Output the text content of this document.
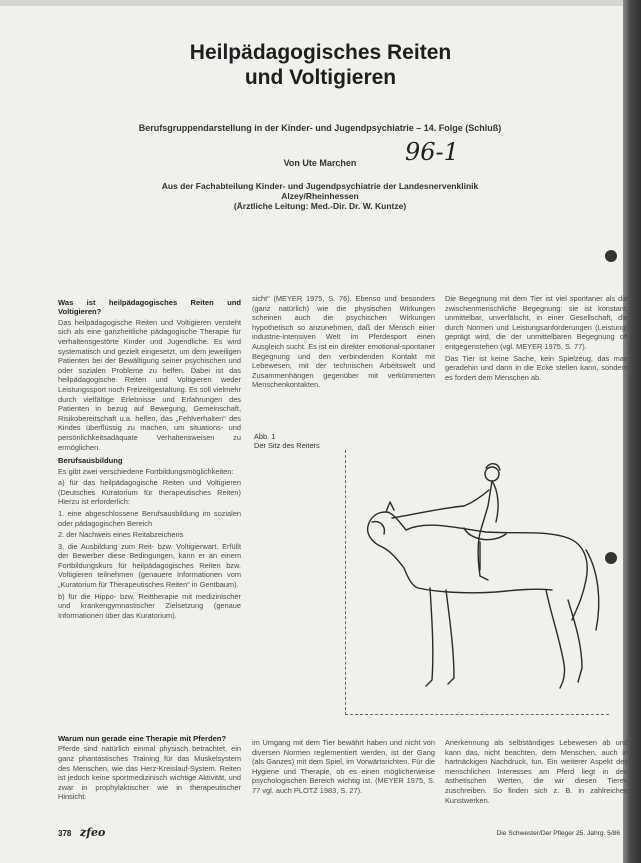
Heilpädagogisches Reiten
und Voltigieren
Berufsgruppendarstellung in der Kinder- und Jugendpsychiatrie – 14. Folge (Schluß)
Von Ute Marchen	96-1
Aus der Fachabteilung Kinder- und Jugendpsychiatrie der Landesnervenklinik
Alzey/Rheinhessen
(Ärztliche Leitung: Med.-Dir. Dr. W. Kuntze)
Was ist heilpädagogisches Reiten und Voltigieren?

Das heilpädagogische Reiten und Voltigieren versteht sich als eine ganzheitliche pädagogische Therapie für verhaltensgestörte Kinder und Jugendliche. Es wird systematisch und gezielt eingesetzt, um dem jeweiligen Patienten bei der Bewältigung seiner psychischen und oder sozialen Probleme zu helfen. Dabei ist das heilpädagogische Reiten und Voltigieren weder Leistungssport noch Freizeitgestaltung. Es soll vielmehr durch vielfältige Erlebnisse und Erfahrungen des Patienten in bezug auf Bewegung, Gemeinschaft, Risikobereitschaft u.a. helfen, das „Fehlverhalten“ des Kindes überflüssig zu machen, um situations- und persönlichkeitsadäquate Verhaltensweisen zu ermöglichen.

Berufsausbildung

Es gibt zwei verschiedene Fortbildungsmöglichkeiten:

a) für das heilpädagogische Reiten und Voltigieren (Deutsches Kuratorium für therapeutisches Reiten) Hierzu ist erforderlich:

1. eine abgeschlossene Berufsausbildung im sozialen oder pädagogischen Bereich

2. der Nachweis eines Reitabzeichens

3. die Ausbildung zum Reit- bzw. Voltigierwart. Erfüllt der Bewerber diese Bedingungen, kann er an einem Fortbildungskurs für heilpädagogisches Reiten bzw. Voltigieren teilnehmen (genauere Informationen vom „Kuratorium für Therapeutisches Reiten“ in Gentbaum).

b) für die Hippo- bzw. Reittherapie mit medizinischer und krankengymnastischer Zielsetzung (genaue Informationen über das Kuratorium).

Warum nun gerade eine Therapie mit Pferden?

Pferde sind natürlich einmal physisch betrachtet, ein ganz phantastisches Training für das Muskelsystem des Menschen, wie das Herz-Kreislauf-System. Reiten ist jedoch keine sportmedizinisch wichtige Aktivität, und zwar in prophylaktischer wie in therapeutischer Hinsicht.

sicht“ (MEYER 1975, S. 76). Ebenso und besonders (ganz natürlich) wie die physischen Wirkungen scheinen auch die psychischen Wirkungen hypothetisch so anzunehmen, daß der Mensch einer industrie-intensiven Welt im Pferdesport einen Ausgleich sucht. Es ist ein direkter emotional-spontaner Begegnung und den verbindenden Kontakt mit Lebewesen, mit der technischen Arbeitswelt und Zusammenhängen gegenüber mit verkümmerten Menschenkontakten.

Die Begegnung mit dem Tier ist viel spontaner als die zwischenmenschliche Begegnung: sie ist konstant, unmittelbar, unverfälscht, in einer Gesellschaft, die durch Normen und Leistungsanforderungen (Leistung) geprägt wird, die der unmittelbaren Begegnung oft entgegenstehen (vgl. MEYER 1975, S. 77).

Das Tier ist keine Sache, kein Spielzeug, das man geradehin und dann in die Ecke stellen kann, sondern es fordert dem Menschen ab.

Abb. 1
Der Sitz des Reiters

im Umgang mit dem Tier bewährt haben und nicht von diversen Normen reglementiert werden, ist der Gang (als Ganzes) mit dem Spiel, im Vorwärtsrichten. Für die Hygiene und Therapie, ob es einen möglicherweise psychologischen Bereich wichtig ist. (MEYER 1975, S. 77 vgl. auch PLOTZ 1983, S. 27).

Anerkennung als selbständiges Lebewesen ab und kann das, nicht beachten, dem Menschen, auch in hartnäckigen Nachdruck, tun. Ein weiterer Aspekt des menschlichen Interesses am Pferd liegt in den ästhetischen Werten, die wir diesen Tieren zuschreiben. So finden sich z. B. in zahlreichen Kunstwerken.

378 zfeo	Die Schwester/Der Pfleger 25. Jahrg. 5/86
